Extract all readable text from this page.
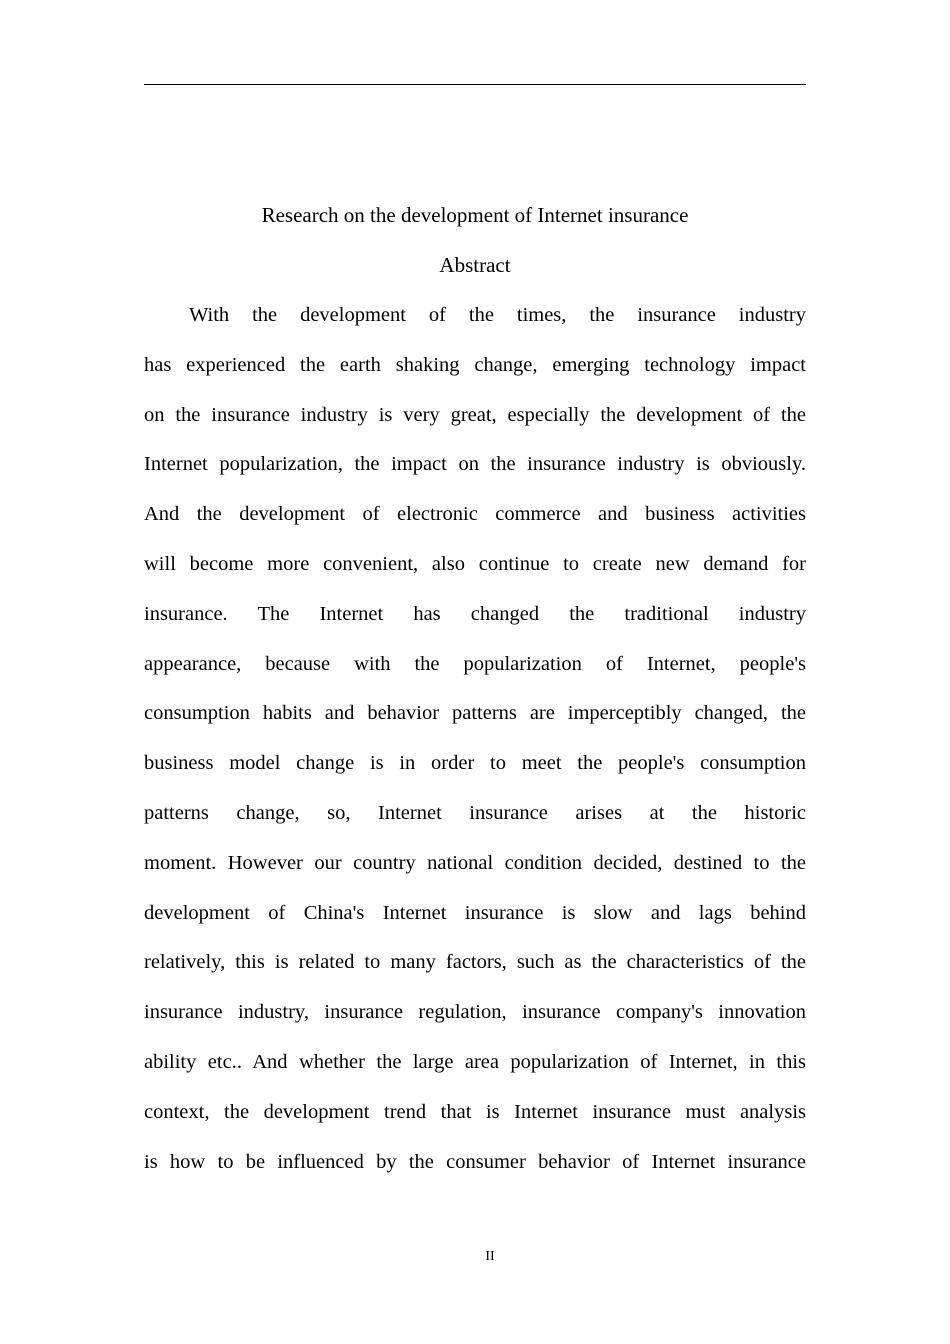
Research on the development of Internet insurance
Abstract
With the development of the times, the insurance industry
has experienced the earth shaking change, emerging technology impact
on the insurance industry is very great, especially the development of the
Internet popularization, the impact on the insurance industry is obviously.
And the development of electronic commerce and business activities
will become more convenient, also continue to create new demand for
insurance. The Internet has changed the traditional industry
appearance, because with the popularization of Internet, people's
consumption habits and behavior patterns are imperceptibly changed, the
business model change is in order to meet the people's consumption
patterns change, so, Internet insurance arises at the historic
moment. However our country national condition decided, destined to the
development of China's Internet insurance is slow and lags behind
relatively, this is related to many factors, such as the characteristics of the
insurance industry, insurance regulation, insurance company's innovation
ability etc.. And whether the large area popularization of Internet, in this
context, the development trend that is Internet insurance must analysis
is how to be influenced by the consumer behavior of Internet insurance
II
